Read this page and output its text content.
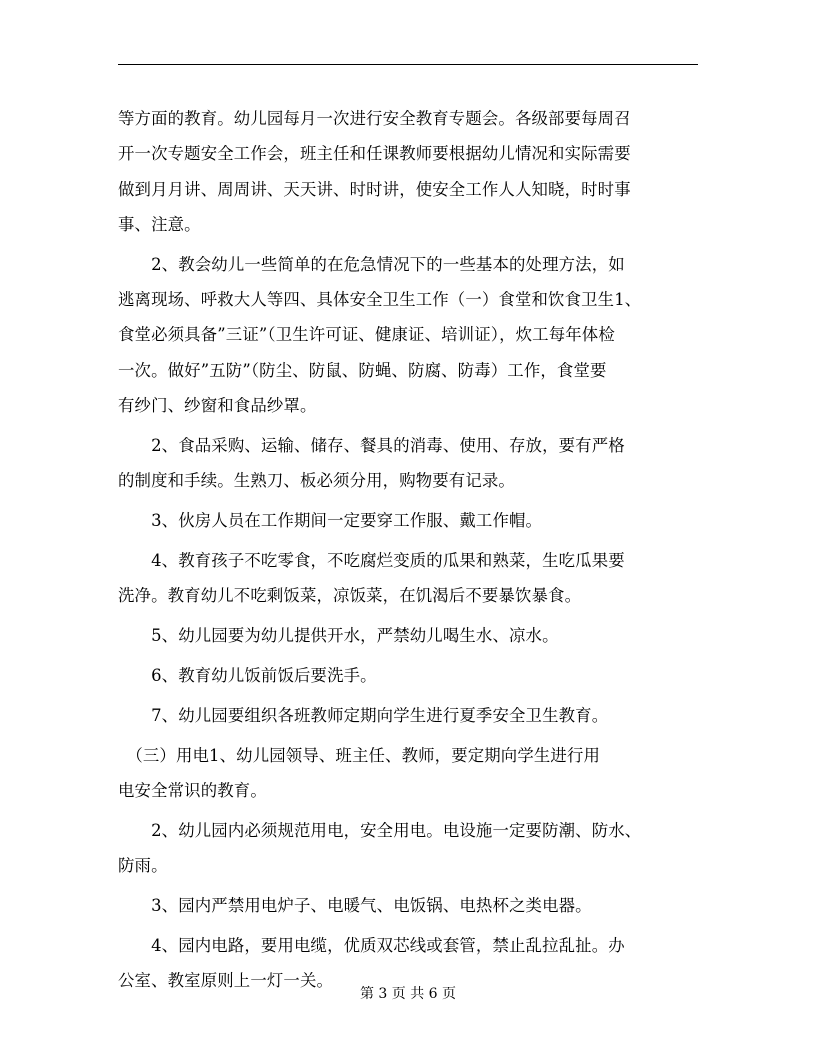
等方面的教育。幼儿园每月一次进行安全教育专题会。各级部要每周召
开一次专题安全工作会，班主任和任课教师要根据幼儿情况和实际需要
做到月月讲、周周讲、天天讲、时时讲，使安全工作人人知晓，时时事
事、注意。
　　2、教会幼儿一些简单的在危急情况下的一些基本的处理方法，如
逃离现场、呼救大人等四、具体安全卫生工作（一）食堂和饮食卫生1、
食堂必须具备”三证”（卫生许可证、健康证、培训证），炊工每年体检
一次。做好”五防”（防尘、防鼠、防蝇、防腐、防毒）工作，食堂要
有纱门、纱窗和食品纱罩。
　　2、食品采购、运输、储存、餐具的消毒、使用、存放，要有严格
的制度和手续。生熟刀、板必须分用，购物要有记录。
　　3、伙房人员在工作期间一定要穿工作服、戴工作帽。
　　4、教育孩子不吃零食，不吃腐烂变质的瓜果和熟菜，生吃瓜果要
洗净。教育幼儿不吃剩饭菜，凉饭菜，在饥渴后不要暴饮暴食。
　　5、幼儿园要为幼儿提供开水，严禁幼儿喝生水、凉水。
　　6、教育幼儿饭前饭后要洗手。
　　7、幼儿园要组织各班教师定期向学生进行夏季安全卫生教育。
　（三）用电1、幼儿园领导、班主任、教师，要定期向学生进行用
电安全常识的教育。
　　2、幼儿园内必须规范用电，安全用电。电设施一定要防潮、防水、
防雨。
　　3、园内严禁用电炉子、电暖气、电饭锅、电热杯之类电器。
　　4、园内电路，要用电缆，优质双芯线或套管，禁止乱拉乱扯。办
公室、教室原则上一灯一关。
第 3 页 共 6 页
